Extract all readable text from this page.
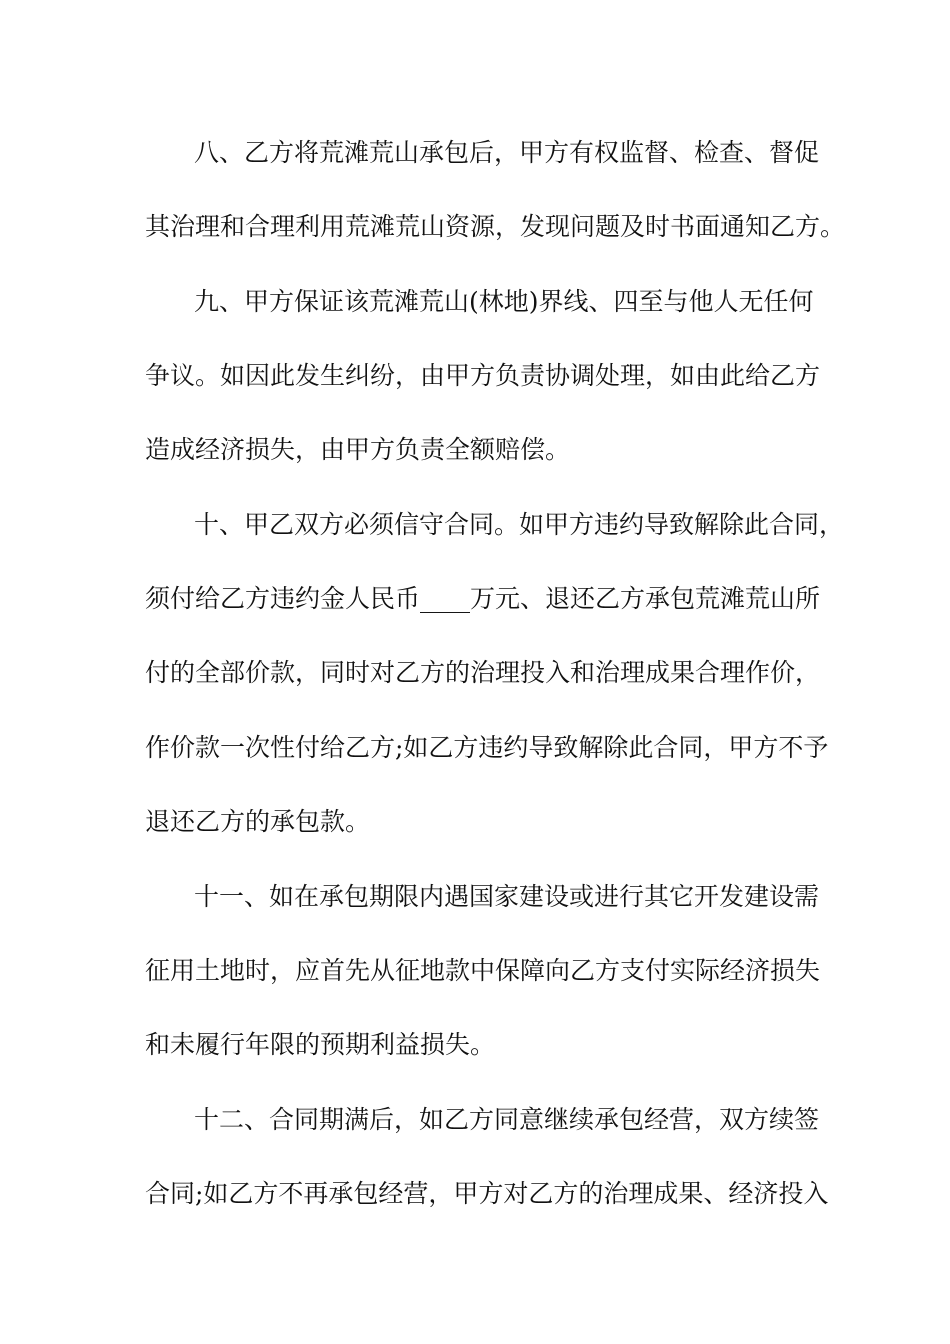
八、乙方将荒滩荒山承包后，甲方有权监督、检查、督促
其治理和合理利用荒滩荒山资源，发现问题及时书面通知乙方。
九、甲方保证该荒滩荒山(林地)界线、四至与他人无任何
争议。如因此发生纠纷，由甲方负责协调处理，如由此给乙方
造成经济损失，由甲方负责全额赔偿。
十、甲乙双方必须信守合同。如甲方违约导致解除此合同，
须付给乙方违约金人民币____万元、退还乙方承包荒滩荒山所
付的全部价款，同时对乙方的治理投入和治理成果合理作价，
作价款一次性付给乙方;如乙方违约导致解除此合同，甲方不予
退还乙方的承包款。
十一、如在承包期限内遇国家建设或进行其它开发建设需
征用土地时，应首先从征地款中保障向乙方支付实际经济损失
和未履行年限的预期利益损失。
十二、合同期满后，如乙方同意继续承包经营，双方续签
合同;如乙方不再承包经营，甲方对乙方的治理成果、经济投入
